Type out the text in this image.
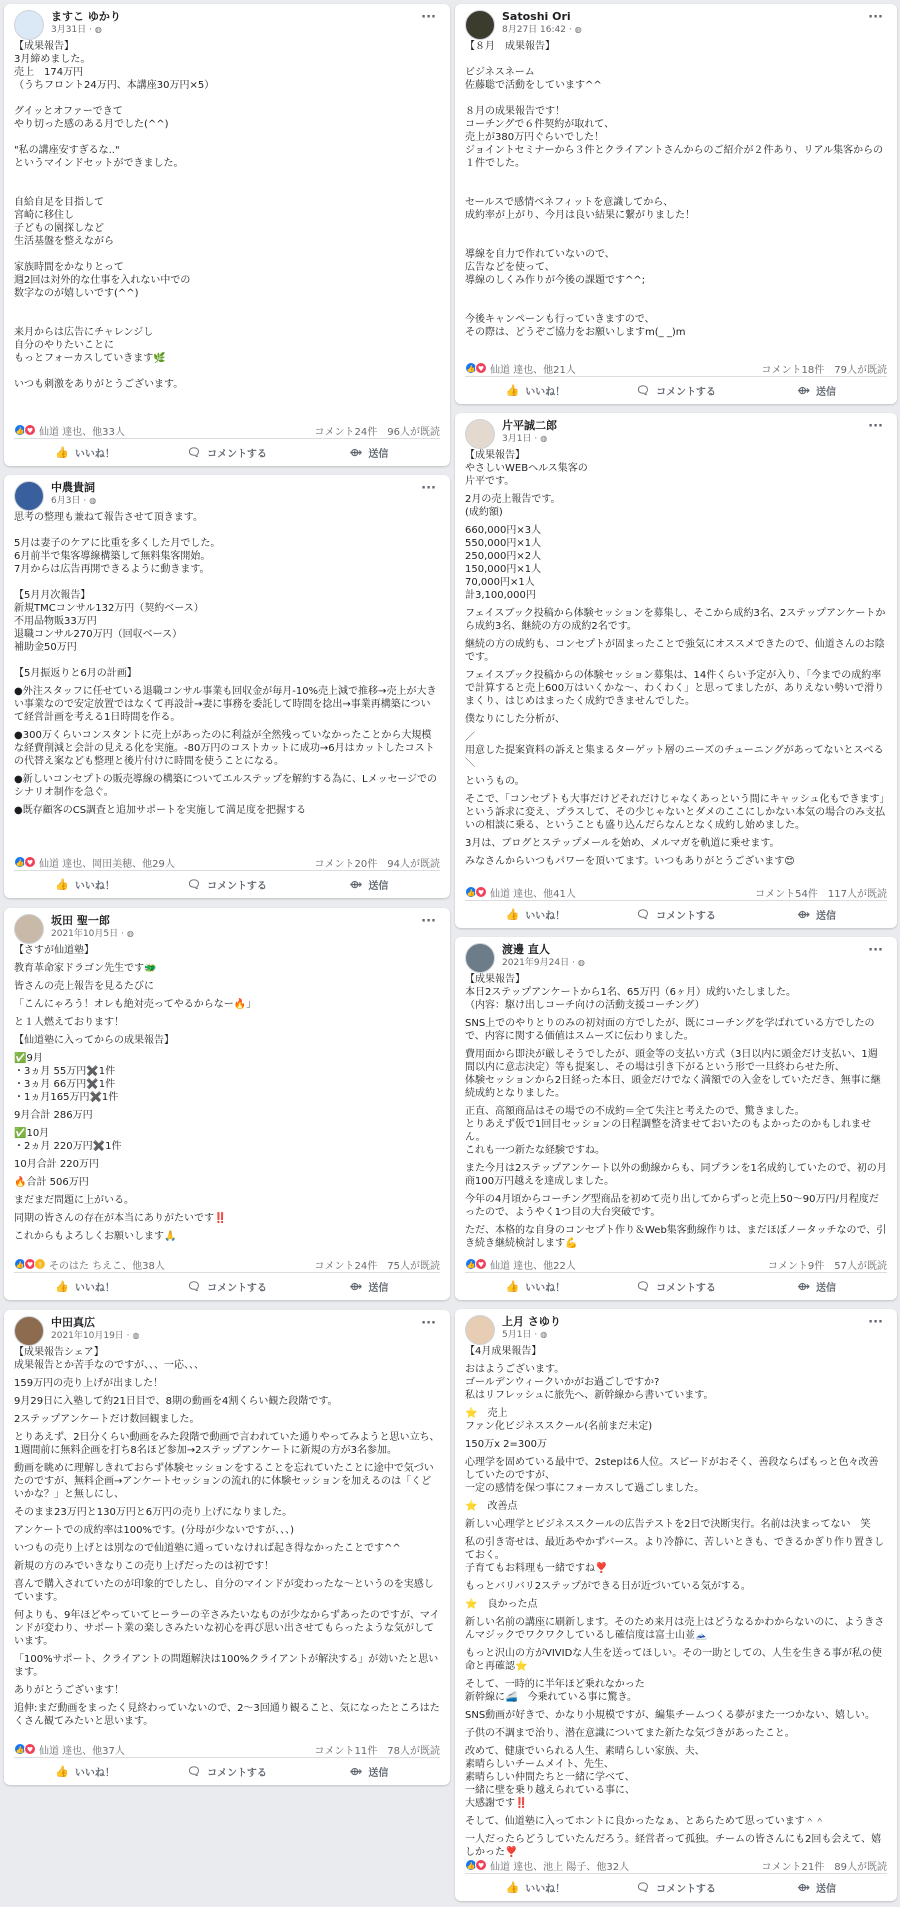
ますこ ゆかり
3月31日 · ◍
···

【成果報告】
3月締めました。
売上　174万円
（うちフロント24万円、本講座30万円×5）

グイッとオファーできて
やり切った感のある月でした(^^)

"私の講座安すぎるな.."
というマインドセットができました。

自給自足を目指して
宮崎に移住し
子どもの園探しなど
生活基盤を整えながら

家族時間をかなりとって
週2回は対外的な仕事を入れない中での
数字なのが嬉しいです(^^)

来月からは広告にチャレンジし
自分のやりたいことに
もっとフォーカスしていきます🌿

いつも刺激をありがとうございます。

👍 ♥ 仙道 達也、他33人	コメント24件 96人が既読
👍 いいね！	🗨 コメントする	⟴ 送信
中農貴詞
6月3日 · ◍
···

思考の整理も兼ねて報告させて頂きます。

5月は妻子のケアに比重を多くした月でした。
6月前半で集客導線構築して無料集客開始。
7月からは広告再開できるように動きます。

【5月月次報告】
新規TMCコンサル132万円（契約ベース）
不用品物販33万円
退職コンサル270万円（回収ベース）
補助金50万円

【5月振返りと6月の計画】

●外注スタッフに任せている退職コンサル事業も回収金が毎月-10%売上減で推移→売上が大きい事業なので安定放置ではなくて再設計→妻に事務を委託して時間を捻出→事業再構築について経営計画を考える1日時間を作る。

●300万くらいコンスタントに売上があったのに利益が全然残っていなかったことから大規模な経費削減と会計の見える化を実施。-80万円のコストカットに成功→6月はカットしたコストの代替え案なども整理と後片付けに時間を使うことになる。

●新しいコンセプトの販売導線の構築についてエルステップを解約する為に、Lメッセージでのシナリオ制作を急ぐ。

●既存顧客のCS調査と追加サポートを実施して満足度を把握する

👍 ♥ 仙道 達也、岡田美穂、他29人	コメント20件 94人が既読
👍 いいね！	🗨 コメントする	⟴ 送信
坂田 聖一郎
2021年10月5日 · ◍
···

【さすが仙道塾】

教育革命家ドラゴン先生です🐲

皆さんの売上報告を見るたびに

「こんにゃろう！オレも絶対売ってやるからなー🔥」

と１人燃えております！

【仙道塾に入ってからの成果報告】

✅9月
・3ヵ月 55万円✖️1件
・3ヵ月 66万円✖️1件
・1ヵ月165万円✖️1件

9月合計 286万円

✅10月
・2ヵ月 220万円✖️1件

10月合計 220万円

🔥合計 506万円

まだまだ問題に上がいる。

同期の皆さんの存在が本当にありがたいです‼️

これからもよろしくお願いします🙏

👍 ♥ ! そのはた ちえこ、他38人	コメント24件 75人が既読
👍 いいね！	🗨 コメントする	⟴ 送信
中田真広
2021年10月19日 · ◍
···

【成果報告シェア】
成果報告とか苦手なのですが、、、一応、、、

159万円の売り上げが出ました！

9月29日に入塾して約21日目で、8期の動画を4割くらい観た段階です。

2ステップアンケートだけ数回観ました。

とりあえず、2日分くらい動画をみた段階で動画で言われていた通りやってみようと思い立ち、1週間前に無料企画を打ち8名ほど参加→2ステップアンケートに新規の方が3名参加。

動画を眺めに理解しきれておらず体験セッションをすることを忘れていたことに途中で気づいたのですが、無料企画→アンケートセッションの流れ的に体験セッションを加えるのは「くどいかな？」と無しにし、

そのまま23万円と130万円と6万円の売り上げになりました。

アンケートでの成約率は100%です。(分母が少ないですが、、、)

いつもの売り上げとは別なので仙道塾に通っていなければ起き得なかったことです^^

新規の方のみでいきなりこの売り上げだったのは初です！

喜んで購入されていたのが印象的でしたし、自分のマインドが変わったな〜というのを実感しています。

何よりも、9年ほどやっていてヒーラーの辛さみたいなものが少なからずあったのですが、マインドが変わり、サポート業の楽しさみたいな初心を再び思い出させてもらったような気がしています。

「100%サポート、クライアントの問題解決は100%クライアントが解決する」が効いたと思います。

ありがとうございます！

追伸:まだ動画をまったく見終わっていないので、2〜3回通り観ること、気になったところはたくさん観てみたいと思います。

👍 ♥ 仙道 達也、他37人	コメント11件 78人が既読
👍 いいね！	🗨 コメントする	⟴ 送信
Satoshi Ori
8月27日 16:42 · ◍
···

【８月　成果報告】

ビジネスネーム
佐藤聡で活動をしています^^

８月の成果報告です！
コーチングで６件契約が取れて、
売上が380万円ぐらいでした！
ジョイントセミナーから３件とクライアントさんからのご紹介が２件あり、リアル集客からの１件でした。

セールスで感情ベネフィットを意識してから、
成約率が上がり、今月は良い結果に繋がりました！

導線を自力で作れていないので、
広告などを使って、
導線のしくみ作りが今後の課題です^^;

今後キャンペーンも行っていきますので、
その際は、どうぞご協力をお願いしますm(_ _)m

👍 ♥ 仙道 達也、他21人	コメント18件 79人が既読
👍 いいね！	🗨 コメントする	⟴ 送信
片平誠二郎
3月1日 · ◍
···

【成果報告】
やさしいWEBヘルス集客の
片平です。

2月の売上報告です。
(成約額)

660,000円×3人
550,000円×1人
250,000円×2人
150,000円×1人
70,000円×1人
計3,100,000円

フェイスブック投稿から体験セッションを募集し、そこから成約3名、2ステップアンケートから成約3名、継続の方の成約2名です。

継続の方の成約も、コンセプトが固まったことで強気にオススメできたので、仙道さんのお陰です。

フェイスブック投稿からの体験セッション募集は、14件くらい予定が入り、「今までの成約率で計算すると売上600万はいくかな〜、わくわく」と思ってましたが、ありえない勢いで滑りまくり、はじめはまったく成約できませんでした。

僕なりにした分析が、

／
用意した提案資料の訴えと集まるターゲット層のニーズのチューニングがあってないとスベる
＼

というもの。

そこで、「コンセプトも大事だけどそれだけじゃなくあっという間にキャッシュ化もできます」という訴求に変え、プラスして、その少じゃないとダメのここにしかない本気の場合のみ支払いの相談に乗る、ということも盛り込んだらなんとなく成約し始めました。

3月は、ブログとステップメールを始め、メルマガを軌道に乗せます。

みなさんからいつもパワーを頂いてます。いつもありがとうございます😊

👍 ♥ 仙道 達也、他41人	コメント54件 117人が既読
👍 いいね！	🗨 コメントする	⟴ 送信
渡邊 直人
2021年9月24日 · ◍
···

【成果報告】
本日2ステップアンケートから1名、65万円（6ヶ月）成約いたしました。
（内容：駆け出しコーチ向けの活動支援コーチング）

SNS上でのやりとりのみの初対面の方でしたが、既にコーチングを学ばれている方でしたので、内容に関する価値はスムーズに伝わりました。

費用面から即決が厳しそうでしたが、頭金等の支払い方式（3日以内に頭金だけ支払い、1週間以内に意志決定）等も提案し、その場は引き下がるという形で一旦終わらせた所、
体験セッションから2日経った本日、頭金だけでなく満額での入金をしていただき、無事に継続成約となりました。

正直、高額商品はその場での不成約＝全て失注と考えたので、驚きました。
とりあえず仮で1回目セッションの日程調整を済ませておいたのもよかったのかもしれません。
これも一つ新たな経験ですね。

また今月は2ステップアンケート以外の動線からも、同プランを1名成約していたので、初の月商100万円越えを達成しました。

今年の4月頃からコーチング型商品を初めて売り出してからずっと売上50〜90万円/月程度だったので、ようやく1つ目の大台突破です。

ただ、本格的な自身のコンセプト作り＆Web集客動線作りは、まだほぼノータッチなので、引き続き継続検討します💪

👍 ♥ 仙道 達也、他22人	コメント9件 57人が既読
👍 いいね！	🗨 コメントする	⟴ 送信
上月 さゆり
5月1日 · ◍
···

【4月成果報告】

おはようございます。
ゴールデンウィークいかがお過ごしですか?
私はリフレッシュに旅先へ、新幹線から書いています。

⭐　売上
ファン化ビジネススクール(名前まだ未定)

150万x 2=300万

心理学を固めている最中で、2stepは6人位。スピードがおそく、善段ならばもっと色々改善していたのですが、
一定の感情を保つ事にフォーカスして過ごしました。

⭐　改善点

新しい心理学とビジネススクールの広告テストを2日で決断実行。名前は決まってない　笑

私の引き寄せは、最近あやかずバース。より冷静に、苦しいときも、できるかぎり作り置きしておく。
子育てもお料理も一緒ですね❣️

もっとバリバリ2ステップができる日が近づいている気がする。

⭐　良かった点

新しい名前の講座に刷新します。そのため来月は売上はどうなるかわからないのに、ようきさんマジックでワクワクしているし確信度は富士山並🗻

もっと沢山の方がVIVIDな人生を送ってほしい。その一助としての、人生を生きる事が私の使命と再確認⭐

そして、一時的に半年ほど乗れなかった
新幹線に🚄　今乗れている事に驚き。

SNS動画が好きで、かなり小規模ですが、編集チームつくる夢がまた一つかない、嬉しい。

子供の不調まで治り、潜在意識についてまた新たな気づきがあったこと。

改めて、健康でいられる人生、素晴らしい家族、夫、
素晴らしいチームメイト、先生、
素晴らしい仲間たちと一緒に学べて、
一緒に壁を乗り越えられている事に、
大感謝です‼️

そして、仙道塾に入ってホントに良かったなぁ、とあらためて思っています＾＾

一人だったらどうしていたんだろう。経営者って孤独。チームの皆さんにも2回も会えて、嬉しかった❣️

👍 ♥ 仙道 達也、池上 陽子、他32人	コメント21件 89人が既読
👍 いいね！	🗨 コメントする	⟴ 送信
